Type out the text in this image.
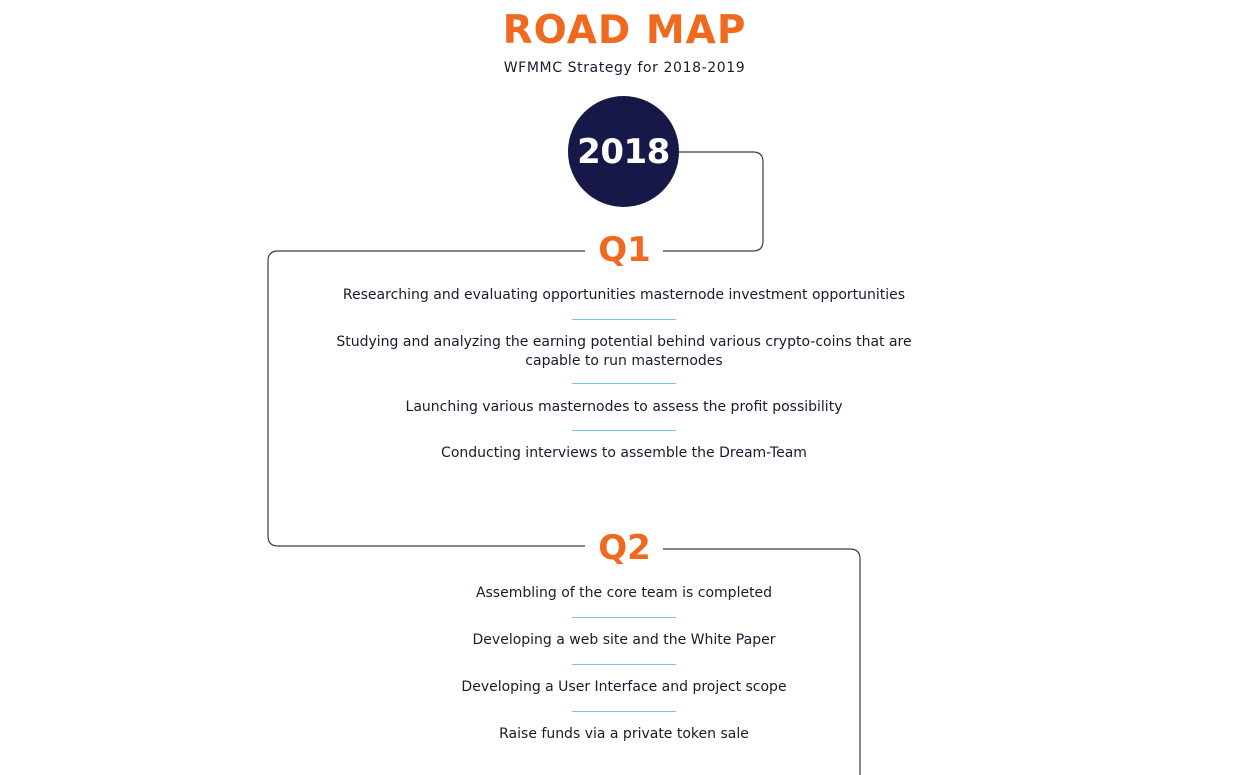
ROAD MAP
WFMMC Strategy for 2018-2019
2018
Q1
Researching and evaluating opportunities masternode investment opportunities
Studying and analyzing the earning potential behind various crypto-coins that are capable to run masternodes
Launching various masternodes to assess the profit possibility
Conducting interviews to assemble the Dream-Team
Q2
Assembling of the core team is completed
Developing a web site and the White Paper
Developing a User Interface and project scope
Raise funds via a private token sale
